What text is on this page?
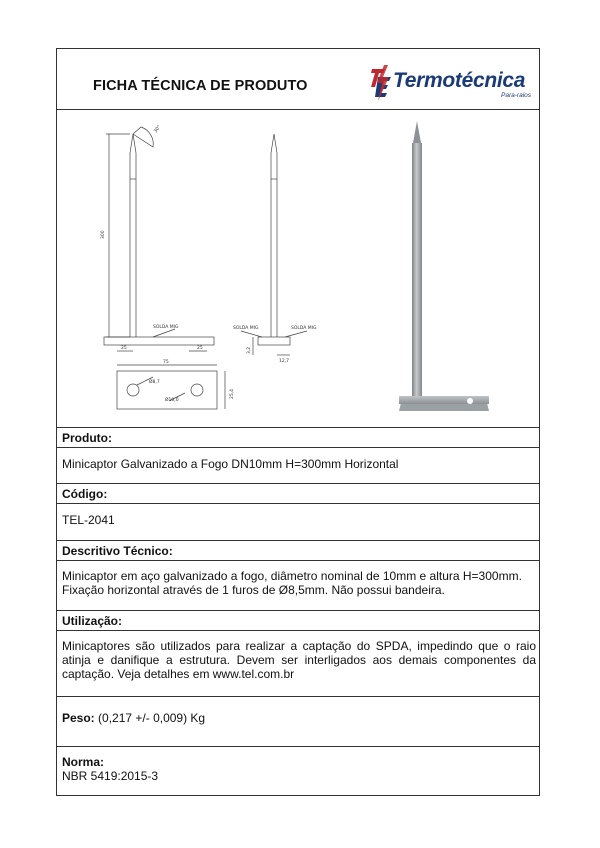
FICHA TÉCNICA DE PRODUTO	Termotécnica
Para-raios
300
30°
25	25
SOLDA MIG	SOLDA MIG	SOLDA MIG
3,2
12,7
75
Ø8,7
Ø10,0
25,4
Produto:
Minicaptor Galvanizado a Fogo DN10mm H=300mm Horizontal
Código:
TEL-2041
Descritivo Técnico:
Minicaptor em aço galvanizado a fogo, diâmetro nominal de 10mm e altura H=300mm.
Fixação horizontal através de 1 furos de Ø8,5mm. Não possui bandeira.
Utilização:
Minicaptores são utilizados para realizar a captação do SPDA, impedindo que o raio atinja e danifique a estrutura. Devem ser interligados aos demais componentes da captação. Veja detalhes em www.tel.com.br
Peso: (0,217 +/- 0,009) Kg
Norma:
NBR 5419:2015-3
